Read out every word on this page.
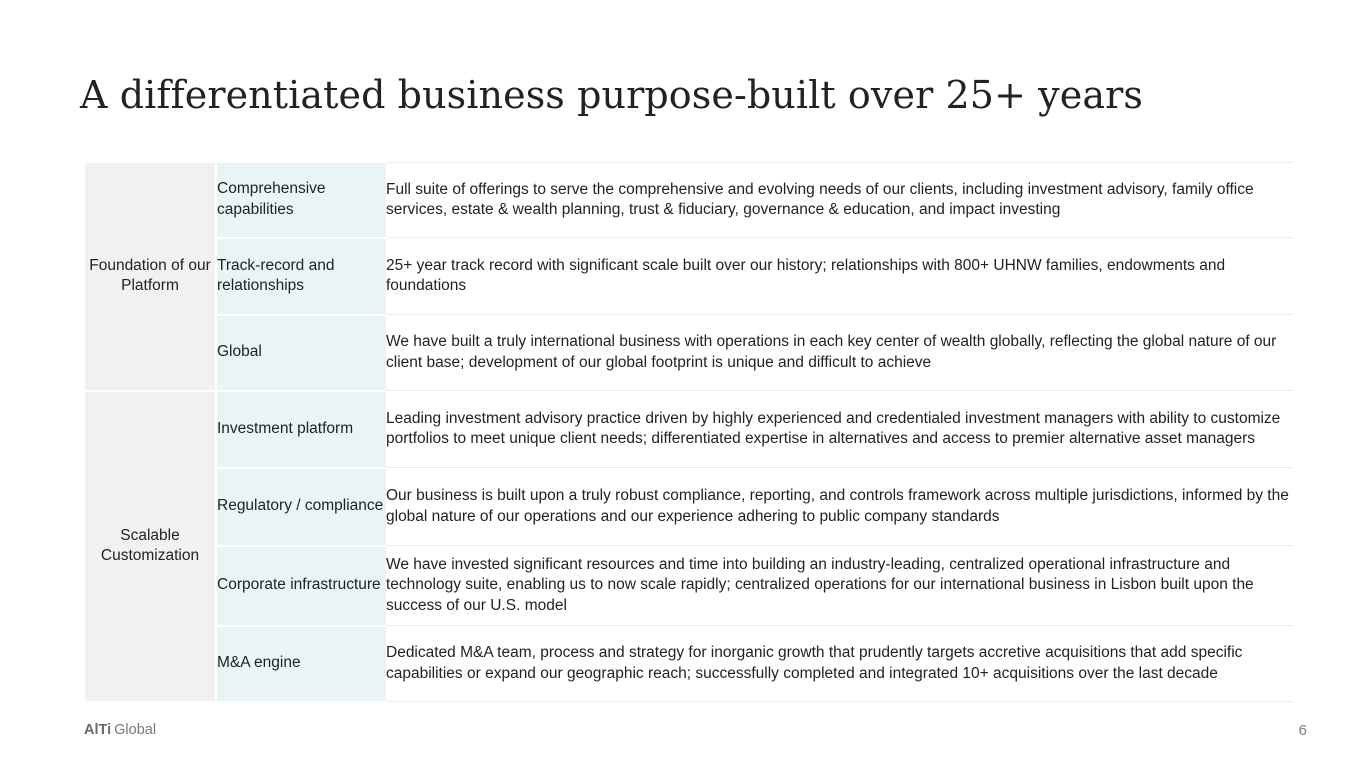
A differentiated business purpose-built over 25+ years
Foundation of our Platform	Comprehensive capabilities	Full suite of offerings to serve the comprehensive and evolving needs of our clients, including investment advisory, family office services, estate & wealth planning, trust & fiduciary, governance & education, and impact investing
	Track-record and relationships	25+ year track record with significant scale built over our history; relationships with 800+ UHNW families, endowments and foundations
	Global	We have built a truly international business with operations in each key center of wealth globally, reflecting the global nature of our client base; development of our global footprint is unique and difficult to achieve
Scalable Customization	Investment platform	Leading investment advisory practice driven by highly experienced and credentialed investment managers with ability to customize portfolios to meet unique client needs; differentiated expertise in alternatives and access to premier alternative asset managers
	Regulatory / compliance	Our business is built upon a truly robust compliance, reporting, and controls framework across multiple jurisdictions, informed by the global nature of our operations and our experience adhering to public company standards
	Corporate infrastructure	We have invested significant resources and time into building an industry-leading, centralized operational infrastructure and technology suite, enabling us to now scale rapidly; centralized operations for our international business in Lisbon built upon the success of our U.S. model
	M&A engine	Dedicated M&A team, process and strategy for inorganic growth that prudently targets accretive acquisitions that add specific capabilities or expand our geographic reach; successfully completed and integrated 10+ acquisitions over the last decade
AlTi Global	6
